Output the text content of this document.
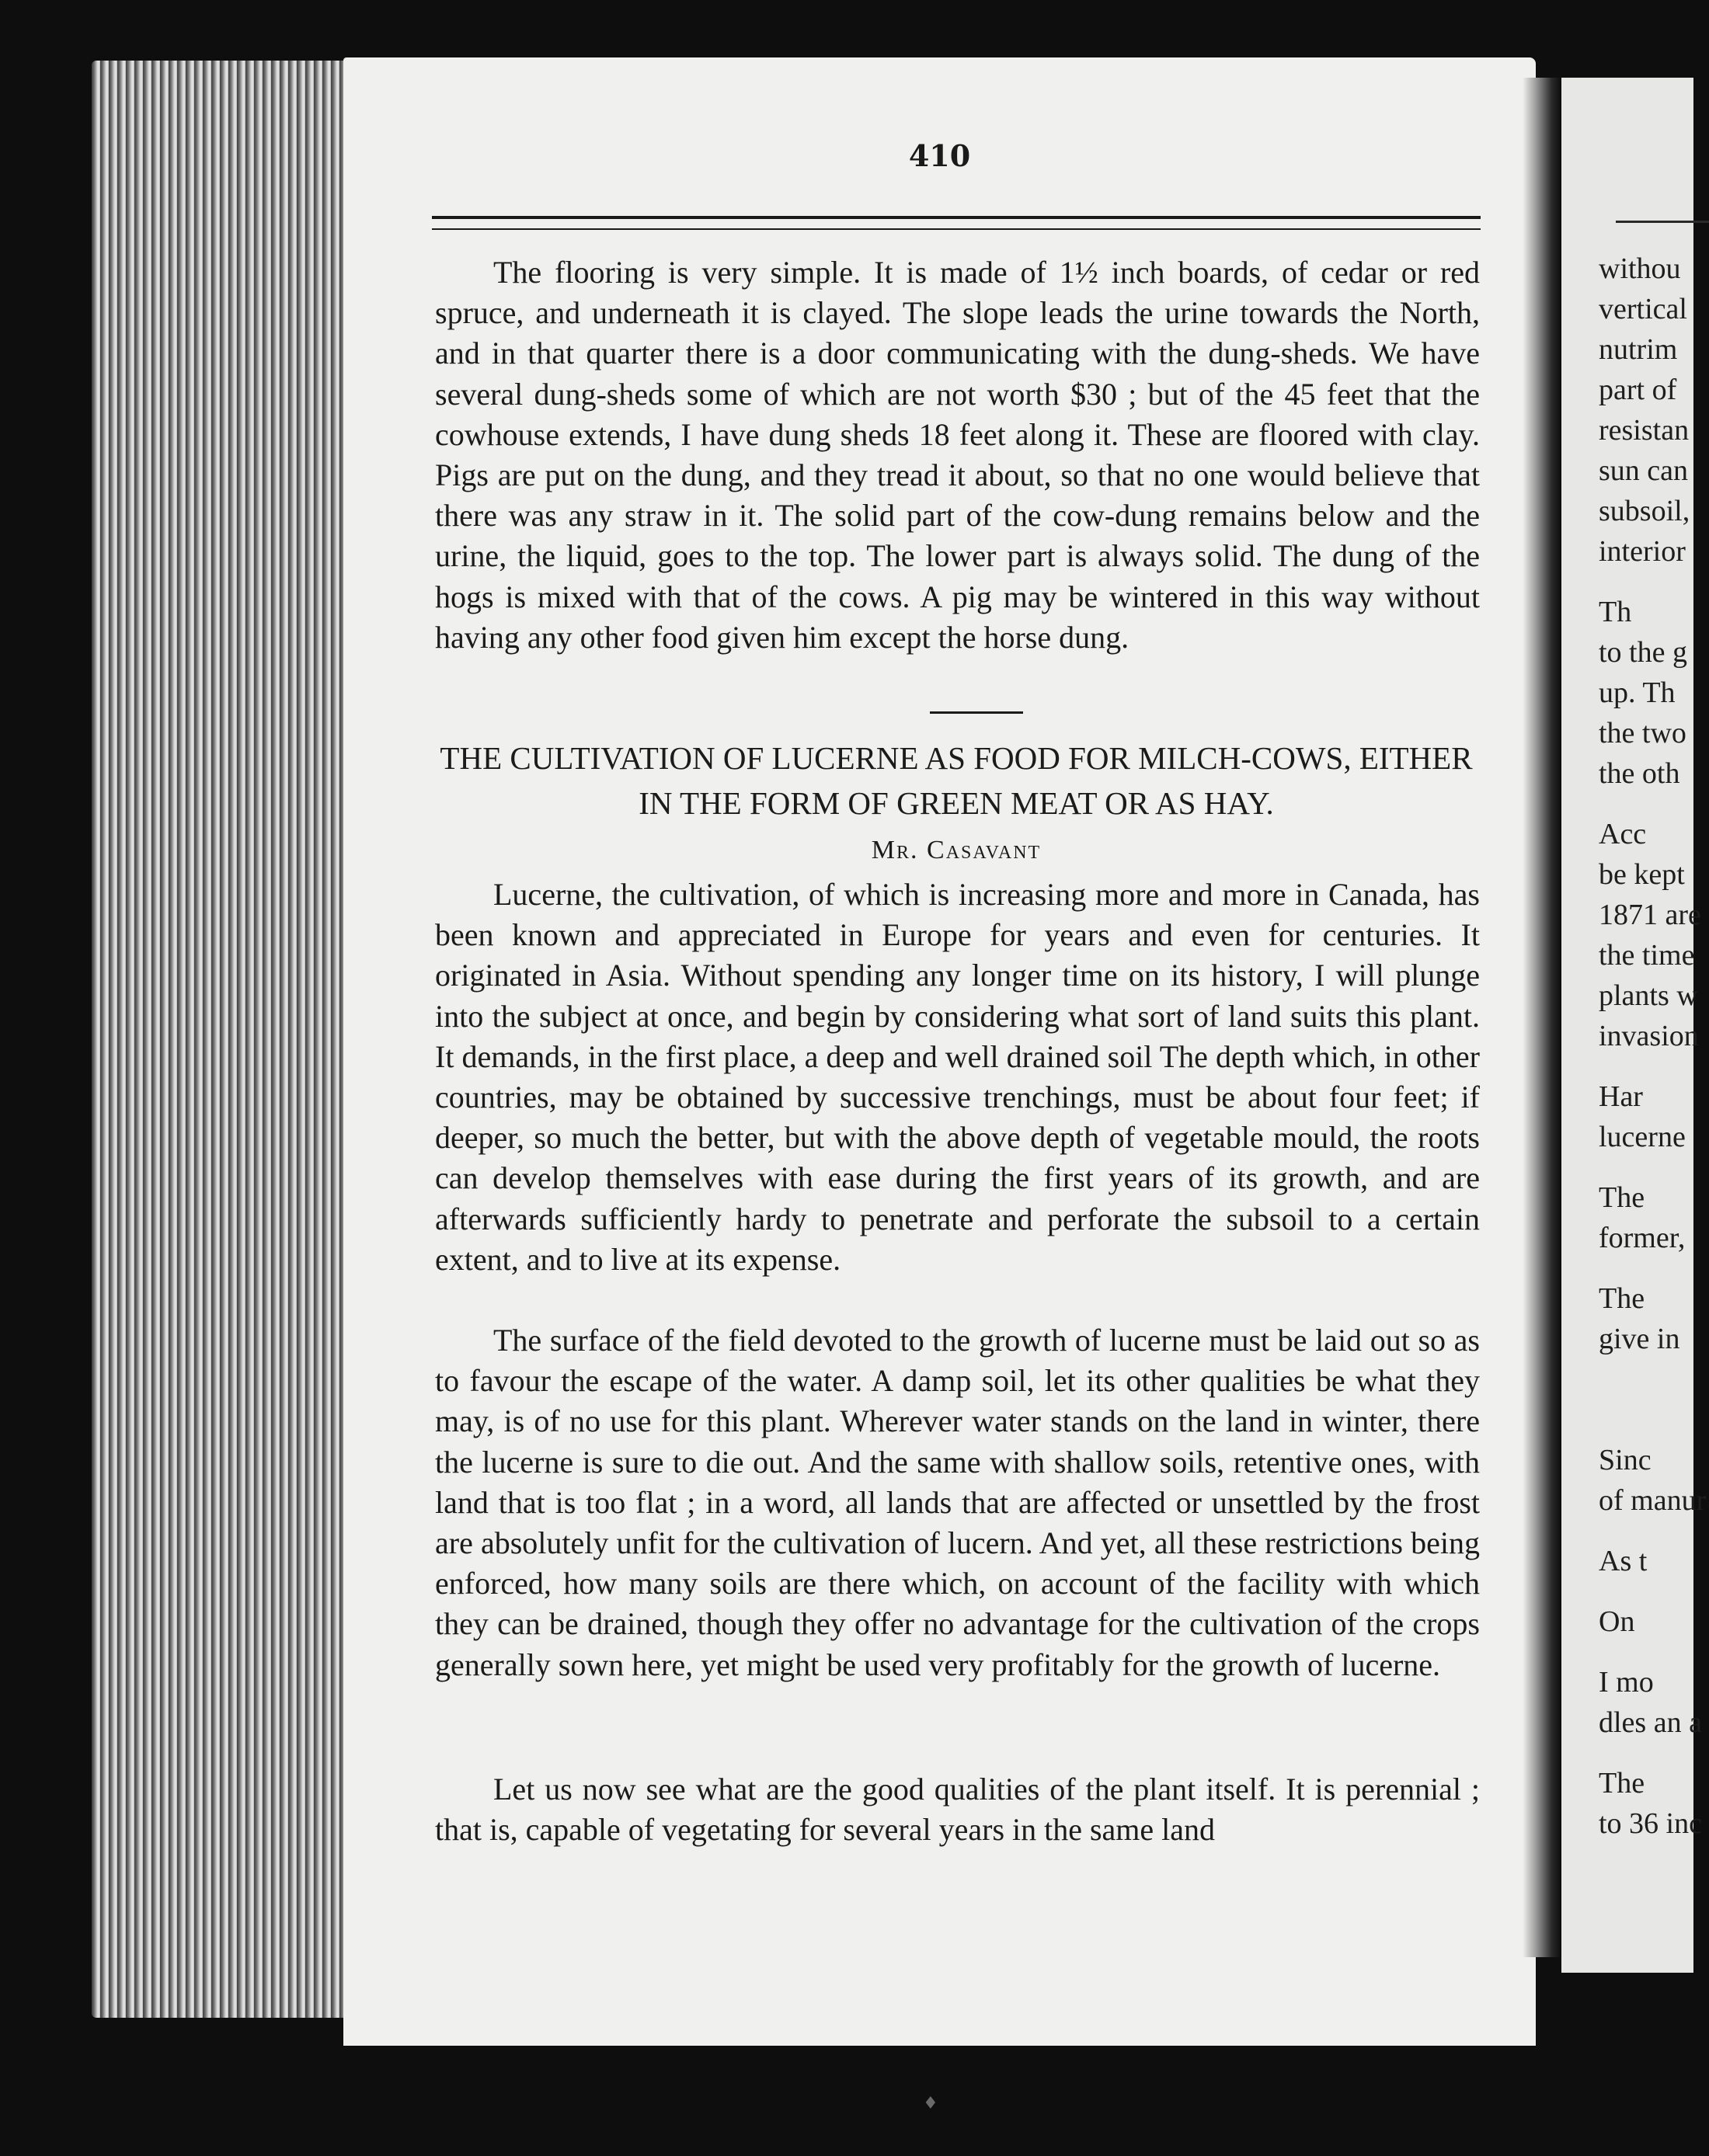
410
The flooring is very simple. It is made of 1½ inch boards, of cedar or red spruce, and underneath it is clayed. The slope leads the urine towards the North, and in that quarter there is a door communicating with the dung-sheds. We have several dung-sheds some of which are not worth $30 ; but of the 45 feet that the cowhouse extends, I have dung sheds 18 feet along it. These are floored with clay. Pigs are put on the dung, and they tread it about, so that no one would believe that there was any straw in it. The solid part of the cow-dung remains below and the urine, the liquid, goes to the top. The lower part is always solid. The dung of the hogs is mixed with that of the cows. A pig may be wintered in this way without having any other food given him except the horse dung.
THE CULTIVATION OF LUCERNE AS FOOD FOR MILCH-COWS, EITHER IN THE FORM OF GREEN MEAT OR AS HAY.
Mr. Casavant
Lucerne, the cultivation, of which is increasing more and more in Canada, has been known and appreciated in Europe for years and even for centuries. It originated in Asia. Without spending any longer time on its history, I will plunge into the subject at once, and begin by considering what sort of land suits this plant. It demands, in the first place, a deep and well drained soil The depth which, in other countries, may be obtained by successive trenchings, must be about four feet; if deeper, so much the better, but with the above depth of vegetable mould, the roots can develop themselves with ease during the first years of its growth, and are afterwards sufficiently hardy to penetrate and perforate the subsoil to a certain extent, and to live at its expense.
The surface of the field devoted to the growth of lucerne must be laid out so as to favour the escape of the water. A damp soil, let its other qualities be what they may, is of no use for this plant. Wherever water stands on the land in winter, there the lucerne is sure to die out. And the same with shallow soils, retentive ones, with land that is too flat ; in a word, all lands that are affected or unsettled by the frost are absolutely unfit for the cultivation of lucern. And yet, all these restrictions being enforced, how many soils are there which, on account of the facility with which they can be drained, though they offer no advantage for the cultivation of the crops generally sown here, yet might be used very profitably for the growth of lucerne.
Let us now see what are the good qualities of the plant itself. It is perennial ; that is, capable of vegetating for several years in the same land
withou
vertical
nutrim
part of
resistan
sun can
subsoil,
interior
Th
to the g
up. Th
the two
the oth
Acc
be kept
1871 are
the time
plants w
invasion
Har
lucerne
The
former,
The
give in
Sinc
of manur
As t
On
I mo
dles an a
The
to 36 inc
♦
